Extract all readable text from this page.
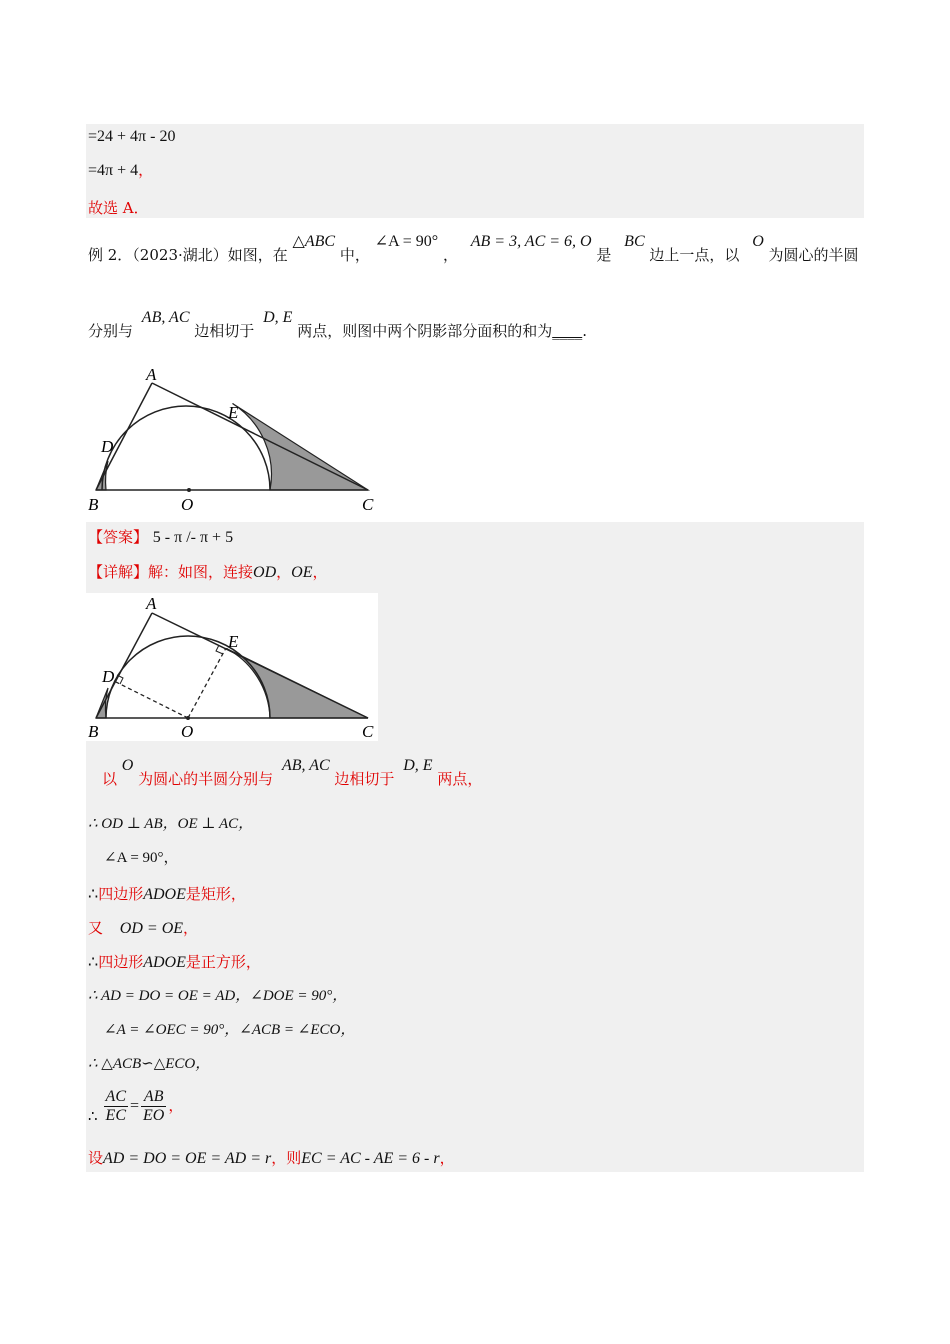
=24 + 4π - 20
=4π + 4，
故选 A．
例 2．（2023·湖北）如图，在 △ABC 中， ∠A = 90° ， AB = 3, AC = 6, O 是 BC 边上一点，以 O 为圆心的半圆
分别与 AB, AC 边相切于 D, E 两点，则图中两个阴影部分面积的和为____.
A
E
D
B	O	C
【答案】 5 - π /- π + 5
【详解】解：如图，连接OD，OE，
A
E
D
B	O	C
以 O 为圆心的半圆分别与 AB, AC 边相切于 D, E 两点，
∴ OD ⊥ AB，OE ⊥ AC，
∠A = 90°，
∴四边形ADOE是矩形，
又 OD = OE，
∴四边形ADOE是正方形，
∴ AD = DO = OE = AD，∠DOE = 90°，
∠A = ∠OEC = 90°，∠ACB = ∠ECO，
∴ △ACB∽△ECO，
∴ $\frac{AC}{EC} = \frac{AB}{EO}$ ，
设AD = DO = OE = AD = r，则EC = AC - AE = 6 - r，
